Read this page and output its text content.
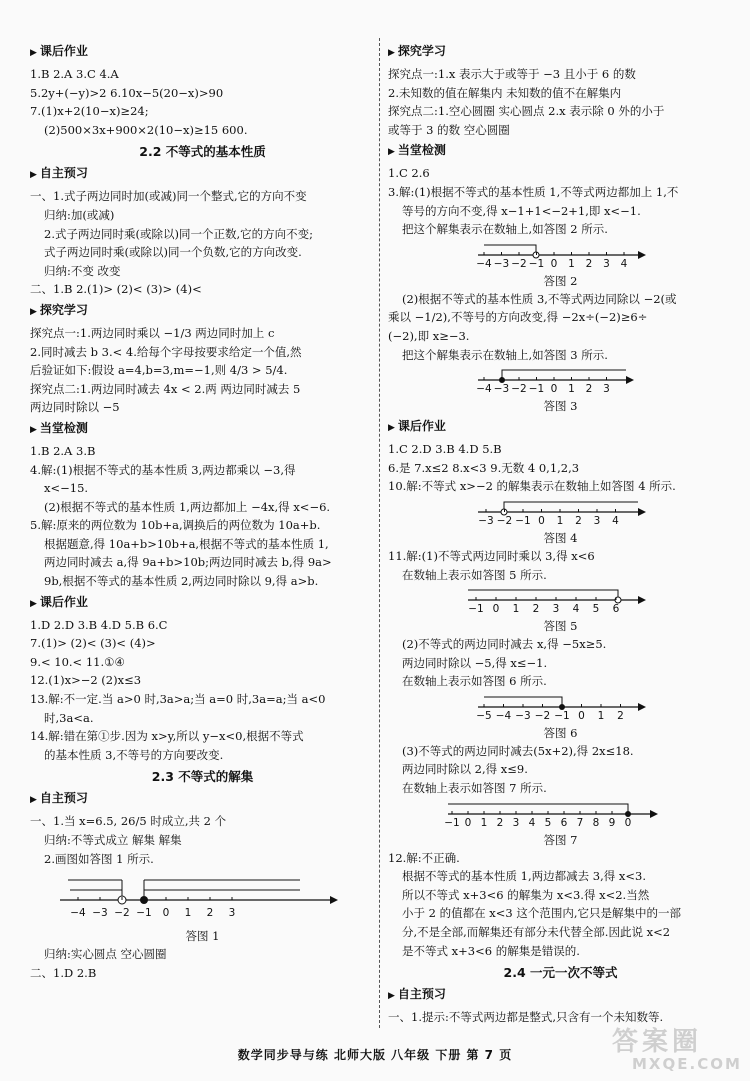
▶ 课后作业
1.B 2.A 3.C 4.A
5.2y+(−y)>2 6.10x−5(20−x)>90
7.(1)x+2(10−x)≥24;
(2)500×3x+900×2(10−x)≥15 600.
2.2 不等式的基本性质
▶ 自主预习
一、1.式子两边同时加(或减)同一个整式,它的方向不变
归纳:加(或减)
2.式子两边同时乘(或除以)同一个正数,它的方向不变;
式子两边同时乘(或除以)同一个负数,它的方向改变.
归纳:不变 改变
二、1.B 2.(1)> (2)< (3)> (4)<
▶ 探究学习
探究点一:1.两边同时乘以 −1/3 两边同时加上 c
2.同时减去 b 3.< 4.给每个字母按要求给定一个值,然
后验证如下:假设 a=4,b=3,m=−1,则 4/3 > 5/4.
探究点二:1.两边同时减去 4x < 2.两 两边同时减去 5
两边同时除以 −5
▶ 当堂检测
1.B 2.A 3.B
4.解:(1)根据不等式的基本性质 3,两边都乘以 −3,得
x<−15.
(2)根据不等式的基本性质 1,两边都加上 −4x,得 x<−6.
5.解:原来的两位数为 10b+a,调换后的两位数为 10a+b.
根据题意,得 10a+b>10b+a,根据不等式的基本性质 1,
两边同时减去 a,得 9a+b>10b;两边同时减去 b,得 9a>
9b,根据不等式的基本性质 2,两边同时除以 9,得 a>b.
▶ 课后作业
1.D 2.D 3.B 4.D 5.B 6.C
7.(1)> (2)< (3)< (4)>
9.< 10.< 11.①④
12.(1)x>−2 (2)x≤3
13.解:不一定.当 a>0 时,3a>a;当 a=0 时,3a=a;当 a<0
时,3a<a.
14.解:错在第①步.因为 x>y,所以 y−x<0,根据不等式
的基本性质 3,不等号的方向要改变.
2.3 不等式的解集
▶ 自主预习
一、1.当 x=6.5, 26/5 时成立,共 2 个
归纳:不等式成立 解集 解集
2.画图如答图 1 所示.
−4 −3 −2 −1 0 1 2 3
答图 1
归纳:实心圆点 空心圆圈
二、1.D 2.B
▶ 探究学习
探究点一:1.x 表示大于或等于 −3 且小于 6 的数
2.未知数的值在解集内 未知数的值不在解集内
探究点二:1.空心圆圈 实心圆点 2.x 表示除 0 外的小于
或等于 3 的数 空心圆圈
▶ 当堂检测
1.C 2.6
3.解:(1)根据不等式的基本性质 1,不等式两边都加上 1,不
等号的方向不变,得 x−1+1<−2+1,即 x<−1.
把这个解集表示在数轴上,如答图 2 所示.
−4 −3 −2 −1 0 1 2 3 4
答图 2
(2)根据不等式的基本性质 3,不等式两边同除以 −2(或
乘以 −1/2),不等号的方向改变,得 −2x÷(−2)≥6÷
(−2),即 x≥−3.
把这个解集表示在数轴上,如答图 3 所示.
−4 −3 −2 −1 0 1 2 3
答图 3
▶ 课后作业
1.C 2.D 3.B 4.D 5.B
6.是 7.x≤2 8.x<3 9.无数 4 0,1,2,3
10.解:不等式 x>−2 的解集表示在数轴上如答图 4 所示.
−3 −2 −1 0 1 2 3 4
答图 4
11.解:(1)不等式两边同时乘以 3,得 x<6
在数轴上表示如答图 5 所示.
−1 0 1 2 3 4 5 6
答图 5
(2)不等式的两边同时减去 x,得 −5x≥5.
两边同时除以 −5,得 x≤−1.
在数轴上表示如答图 6 所示.
−5 −4 −3 −2 −1 0 1 2
答图 6
(3)不等式的两边同时减去(5x+2),得 2x≤18.
两边同时除以 2,得 x≤9.
在数轴上表示如答图 7 所示.
−1 0 1 2 3 4 5 6 7 8 9 0
答图 7
12.解:不正确.
根据不等式的基本性质 1,两边都减去 3,得 x<3.
所以不等式 x+3<6 的解集为 x<3.得 x<2.当然
小于 2 的值都在 x<3 这个范围内,它只是解集中的一部
分,不是全部,而解集还有部分未代替全部.因此说 x<2
是不等式 x+3<6 的解集是错误的.
2.4 一元一次不等式
▶ 自主预习
一、1.提示:不等式两边都是整式,只含有一个未知数等.
数学同步导与练 北师大版 八年级 下册 第 7 页	答案圈
MXQE.COM
